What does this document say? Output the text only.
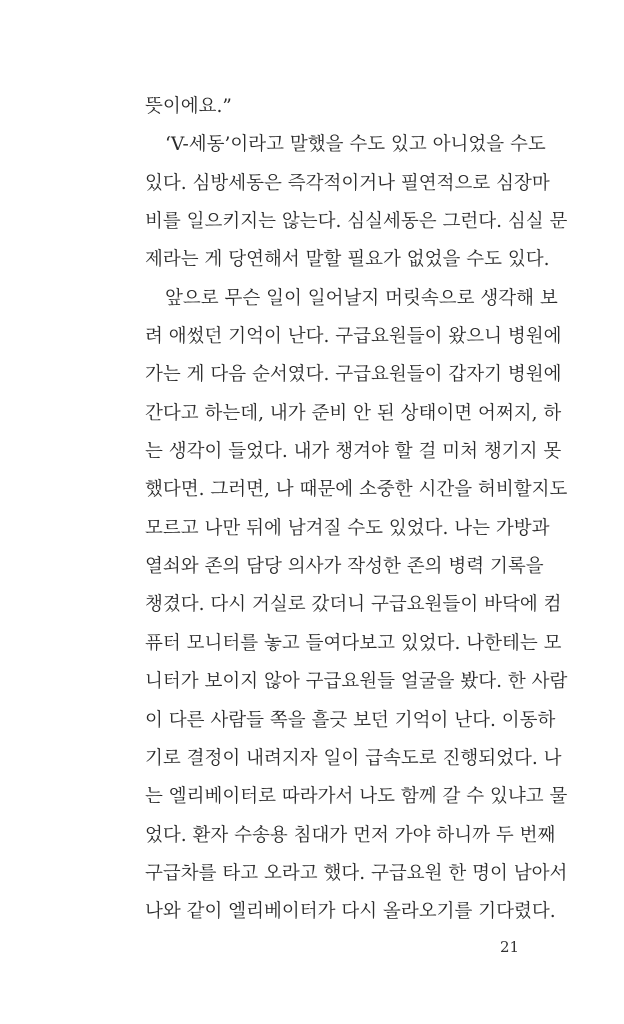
뜻이에요.”
‘V-세동’이라고 말했을 수도 있고 아니었을 수도
있다. 심방세동은 즉각적이거나 필연적으로 심장마
비를 일으키지는 않는다. 심실세동은 그런다. 심실 문
제라는 게 당연해서 말할 필요가 없었을 수도 있다.
앞으로 무슨 일이 일어날지 머릿속으로 생각해 보
려 애썼던 기억이 난다. 구급요원들이 왔으니 병원에
가는 게 다음 순서였다. 구급요원들이 갑자기 병원에
간다고 하는데, 내가 준비 안 된 상태이면 어쩌지, 하
는 생각이 들었다. 내가 챙겨야 할 걸 미처 챙기지 못
했다면. 그러면, 나 때문에 소중한 시간을 허비할지도
모르고 나만 뒤에 남겨질 수도 있었다. 나는 가방과
열쇠와 존의 담당 의사가 작성한 존의 병력 기록을
챙겼다. 다시 거실로 갔더니 구급요원들이 바닥에 컴
퓨터 모니터를 놓고 들여다보고 있었다. 나한테는 모
니터가 보이지 않아 구급요원들 얼굴을 봤다. 한 사람
이 다른 사람들 쪽을 흘긋 보던 기억이 난다. 이동하
기로 결정이 내려지자 일이 급속도로 진행되었다. 나
는 엘리베이터로 따라가서 나도 함께 갈 수 있냐고 물
었다. 환자 수송용 침대가 먼저 가야 하니까 두 번째
구급차를 타고 오라고 했다. 구급요원 한 명이 남아서
나와 같이 엘리베이터가 다시 올라오기를 기다렸다.
21
